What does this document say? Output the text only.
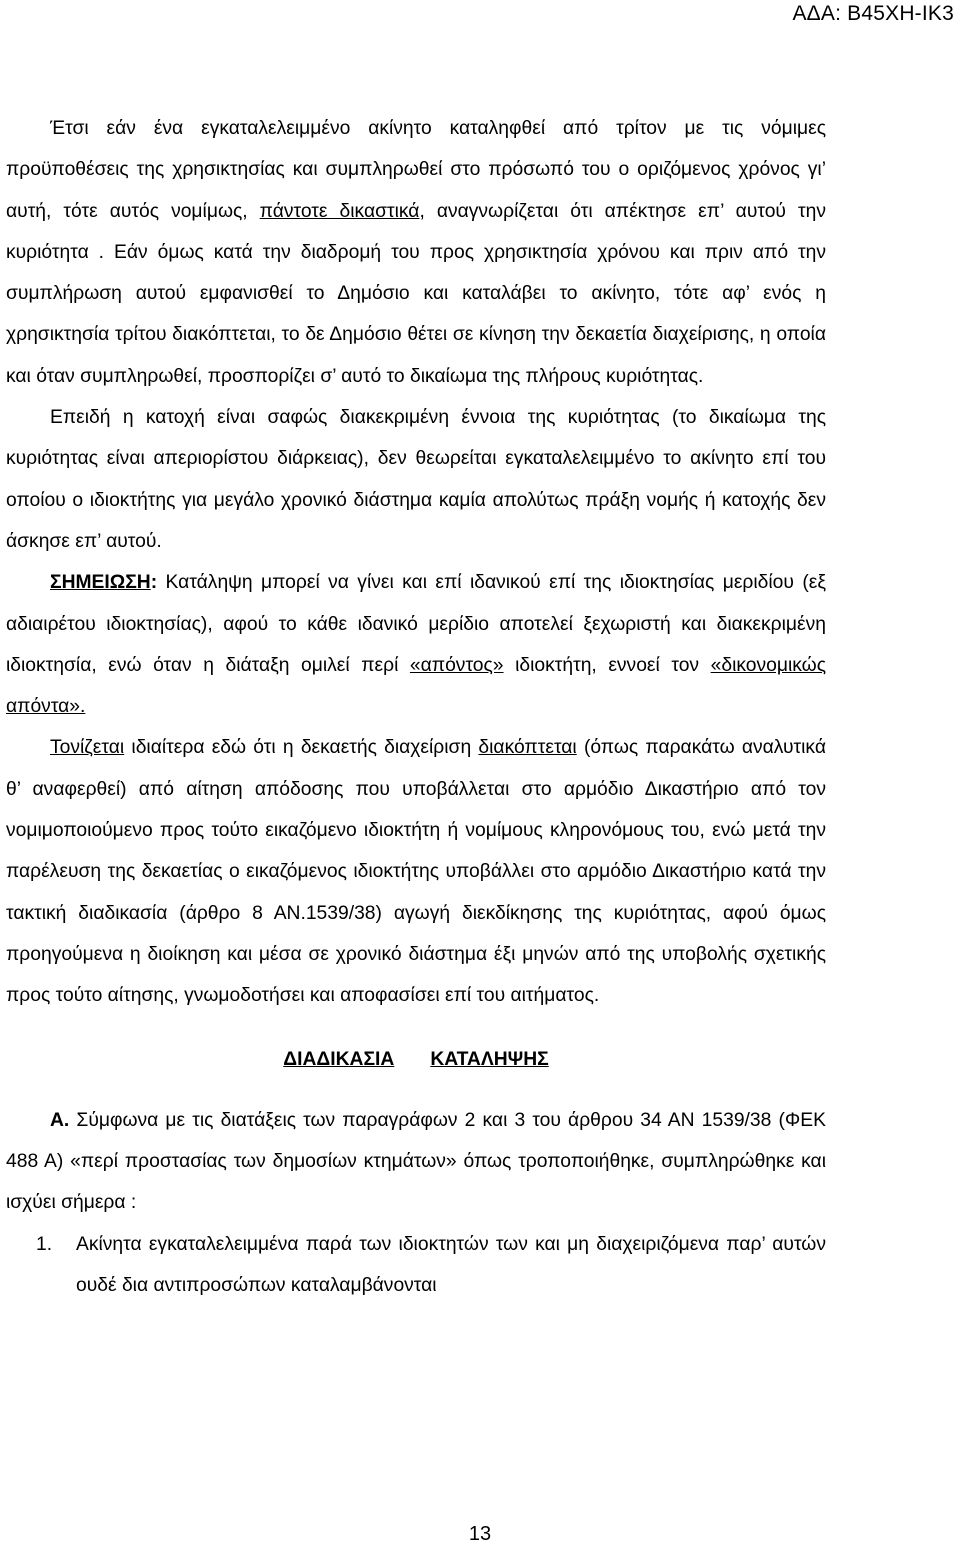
ΑΔΑ: Β45ΧΗ-ΙΚ3

Έτσι εάν ένα εγκαταλελειμμένο ακίνητο καταληφθεί από τρίτον με τις νόμιμες προϋποθέσεις της χρησικτησίας και συμπληρωθεί στο πρόσωπό του ο οριζόμενος χρόνος γι’ αυτή, τότε αυτός νομίμως, πάντοτε δικαστικά, αναγνωρίζεται ότι απέκτησε επ’ αυτού την κυριότητα . Εάν όμως κατά την διαδρομή του προς χρησικτησία χρόνου και πριν από την συμπλήρωση αυτού εμφανισθεί το Δημόσιο και καταλάβει το ακίνητο, τότε αφ’ ενός η χρησικτησία τρίτου διακόπτεται, το δε Δημόσιο θέτει σε κίνηση την δεκαετία διαχείρισης, η οποία και όταν συμπληρωθεί, προσπορίζει σ’ αυτό το δικαίωμα της πλήρους κυριότητας.

Επειδή η κατοχή είναι σαφώς διακεκριμένη έννοια της κυριότητας (το δικαίωμα της κυριότητας είναι απεριορίστου διάρκειας), δεν θεωρείται εγκαταλελειμμένο το ακίνητο επί του οποίου ο ιδιοκτήτης για μεγάλο χρονικό διάστημα καμία απολύτως πράξη νομής ή κατοχής δεν άσκησε επ’ αυτού.

ΣΗΜΕΙΩΣΗ: Κατάληψη μπορεί να γίνει και επί ιδανικού επί της ιδιοκτησίας μεριδίου (εξ αδιαιρέτου ιδιοκτησίας), αφού το κάθε ιδανικό μερίδιο αποτελεί ξεχωριστή και διακεκριμένη ιδιοκτησία, ενώ όταν η διάταξη ομιλεί περί «απόντος» ιδιοκτήτη, εννοεί τον «δικονομικώς απόντα».

Τονίζεται ιδιαίτερα εδώ ότι η δεκαετής διαχείριση διακόπτεται (όπως παρακάτω αναλυτικά θ’ αναφερθεί) από αίτηση απόδοσης που υποβάλλεται στο αρμόδιο Δικαστήριο από τον νομιμοποιούμενο προς τούτο εικαζόμενο ιδιοκτήτη ή νομίμους κληρονόμους του, ενώ μετά την παρέλευση της δεκαετίας ο εικαζόμενος ιδιοκτήτης υποβάλλει στο αρμόδιο Δικαστήριο κατά την τακτική διαδικασία (άρθρο 8 ΑΝ.1539/38) αγωγή διεκδίκησης της κυριότητας, αφού όμως προηγούμενα η διοίκηση και μέσα σε χρονικό διάστημα έξι μηνών από της υποβολής σχετικής προς τούτο αίτησης, γνωμοδοτήσει και αποφασίσει επί του αιτήματος.

ΔΙΑΔΙΚΑΣΙΑ ΚΑΤΑΛΗΨΗΣ

Α. Σύμφωνα με τις διατάξεις των παραγράφων 2 και 3 του άρθρου 34 ΑΝ 1539/38 (ΦΕΚ 488 Α) «περί προστασίας των δημοσίων κτημάτων» όπως τροποποιήθηκε, συμπληρώθηκε και ισχύει σήμερα :

1.	Ακίνητα εγκαταλελειμμένα παρά των ιδιοκτητών των και μη διαχειριζόμενα παρ’ αυτών ουδέ δια αντιπροσώπων καταλαμβάνονται
13
